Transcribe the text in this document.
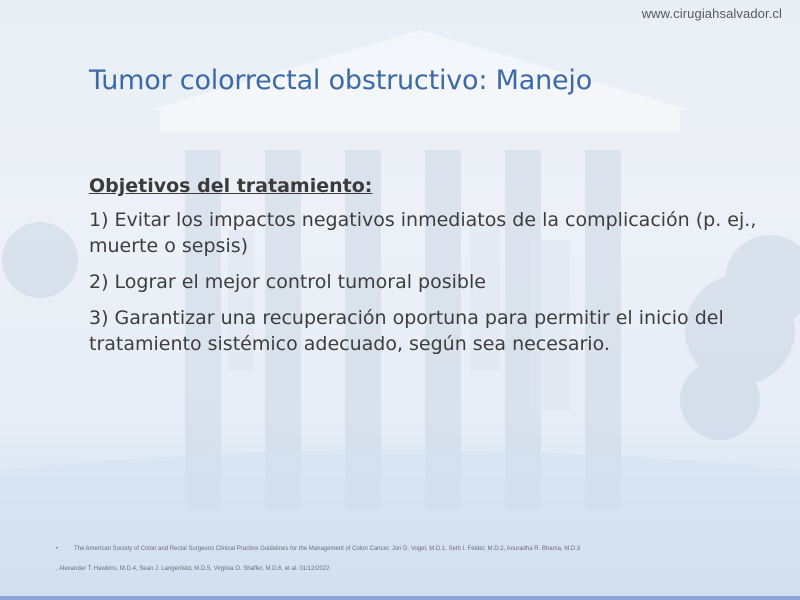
www.cirugiahsalvador.cl
Tumor colorrectal obstructivo: Manejo

Objetivos del tratamiento:

1) Evitar los impactos negativos inmediatos de la complicación (p. ej., muerte o sepsis)

2) Lograr el mejor control tumoral posible

3) Garantizar una recuperación oportuna para permitir el inicio del tratamiento sistémico adecuado, según sea necesario.

•	The American Society of Colon and Rectal Surgeons Clinical Practice Guidelines for the Management of Colon Cancer. Jon D. Vogel, M.D.1, Seth I. Felder, M.D.2, Anuradha R. Bhama, M.D.3
, Alexander T. Hawkins, M.D.4, Sean J. Langenfeld, M.D.5, Virginia O. Shaffer, M.D.6, et al. 01/12/2022
